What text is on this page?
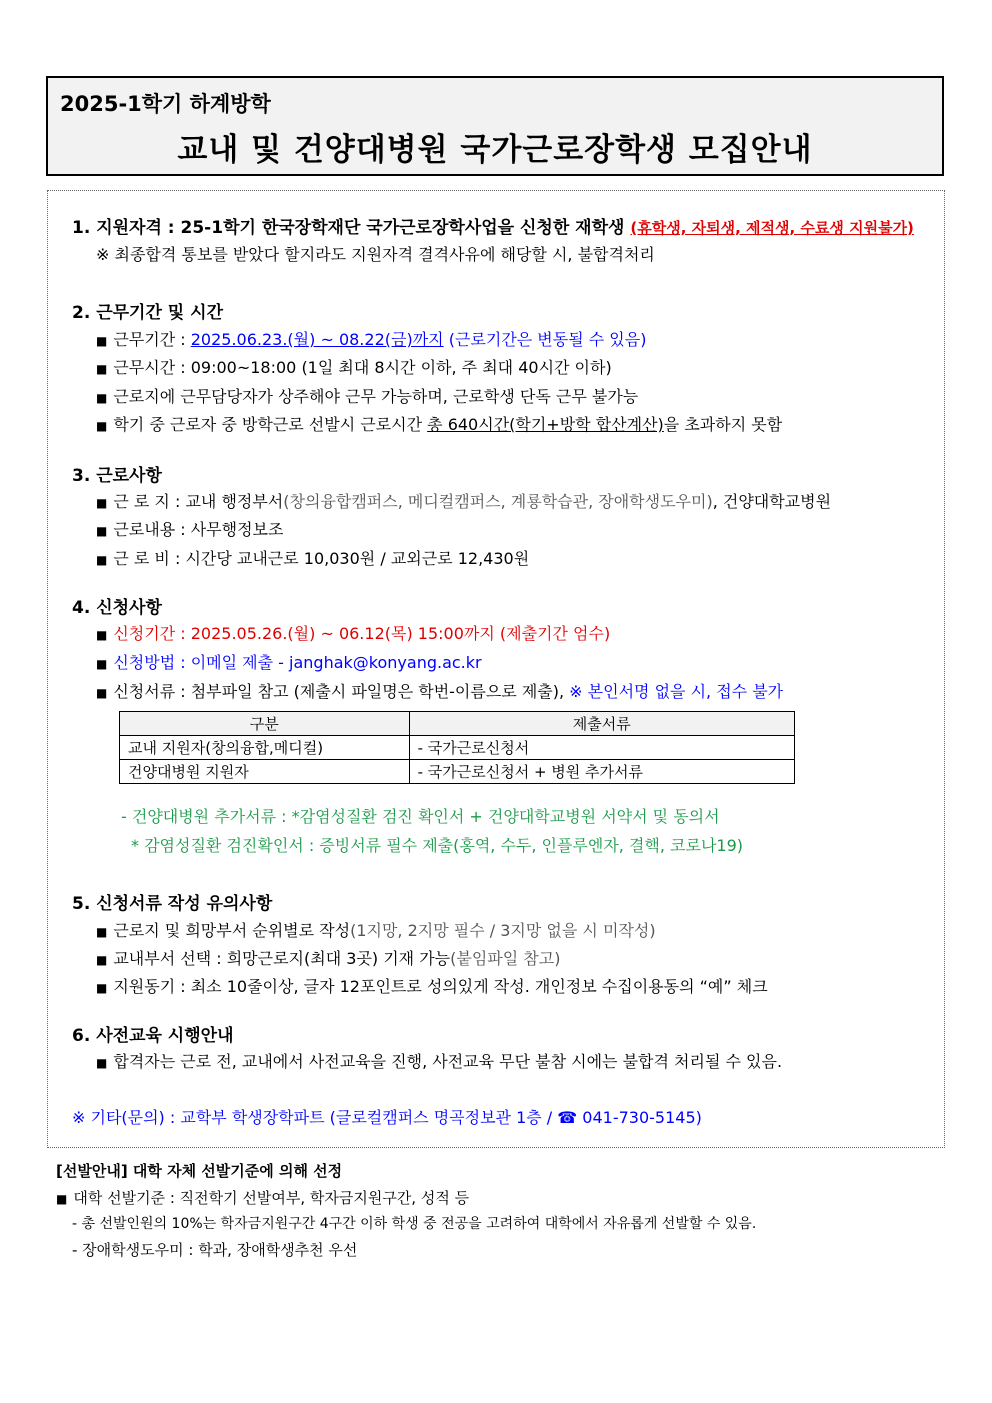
2025-1학기 하계방학
교내 및 건양대병원 국가근로장학생 모집안내
1. 지원자격 : 25-1학기 한국장학재단 국가근로장학사업을 신청한 재학생 (휴학생, 자퇴생, 제적생, 수료생 지원불가)
※ 최종합격 통보를 받았다 할지라도 지원자격 결격사유에 해당할 시, 불합격처리
2. 근무기간 및 시간
■ 근무기간 : 2025.06.23.(월) ~ 08.22(금)까지 (근로기간은 변동될 수 있음)
■ 근무시간 : 09:00~18:00 (1일 최대 8시간 이하, 주 최대 40시간 이하)
■ 근로지에 근무담당자가 상주해야 근무 가능하며, 근로학생 단독 근무 불가능
■ 학기 중 근로자 중 방학근로 선발시 근로시간 총 640시간(학기+방학 합산계산)을 초과하지 못함
3. 근로사항
■ 근 로 지 : 교내 행정부서(창의융합캠퍼스, 메디컬캠퍼스, 계룡학습관, 장애학생도우미), 건양대학교병원
■ 근로내용 : 사무행정보조
■ 근 로 비 : 시간당 교내근로 10,030원 / 교외근로 12,430원
4. 신청사항
■ 신청기간 : 2025.05.26.(월) ~ 06.12(목) 15:00까지 (제출기간 엄수)
■ 신청방법 : 이메일 제출 - janghak@konyang.ac.kr
■ 신청서류 : 첨부파일 참고 (제출시 파일명은 학번-이름으로 제출), ※ 본인서명 없을 시, 접수 불가
구분	제출서류
교내 지원자(창의융합,메디컬)	- 국가근로신청서
건양대병원 지원자	- 국가근로신청서 + 병원 추가서류
- 건양대병원 추가서류 : *감염성질환 검진 확인서 + 건양대학교병원 서약서 및 동의서
* 감염성질환 검진확인서 : 증빙서류 필수 제출(홍역, 수두, 인플루엔자, 결핵, 코로나19)
5. 신청서류 작성 유의사항
■ 근로지 및 희망부서 순위별로 작성(1지망, 2지망 필수 / 3지망 없을 시 미작성)
■ 교내부서 선택 : 희망근로지(최대 3곳) 기재 가능(붙임파일 참고)
■ 지원동기 : 최소 10줄이상, 글자 12포인트로 성의있게 작성. 개인정보 수집이용동의 “예” 체크
6. 사전교육 시행안내
■ 합격자는 근로 전, 교내에서 사전교육을 진행, 사전교육 무단 불참 시에는 불합격 처리될 수 있음.
※ 기타(문의) : 교학부 학생장학파트 (글로컬캠퍼스 명곡정보관 1층 / ☎ 041-730-5145)
[선발안내] 대학 자체 선발기준에 의해 선정
■ 대학 선발기준 : 직전학기 선발여부, 학자금지원구간, 성적 등
- 총 선발인원의 10%는 학자금지원구간 4구간 이하 학생 중 전공을 고려하여 대학에서 자유롭게 선발할 수 있음.
- 장애학생도우미 : 학과, 장애학생추천 우선
